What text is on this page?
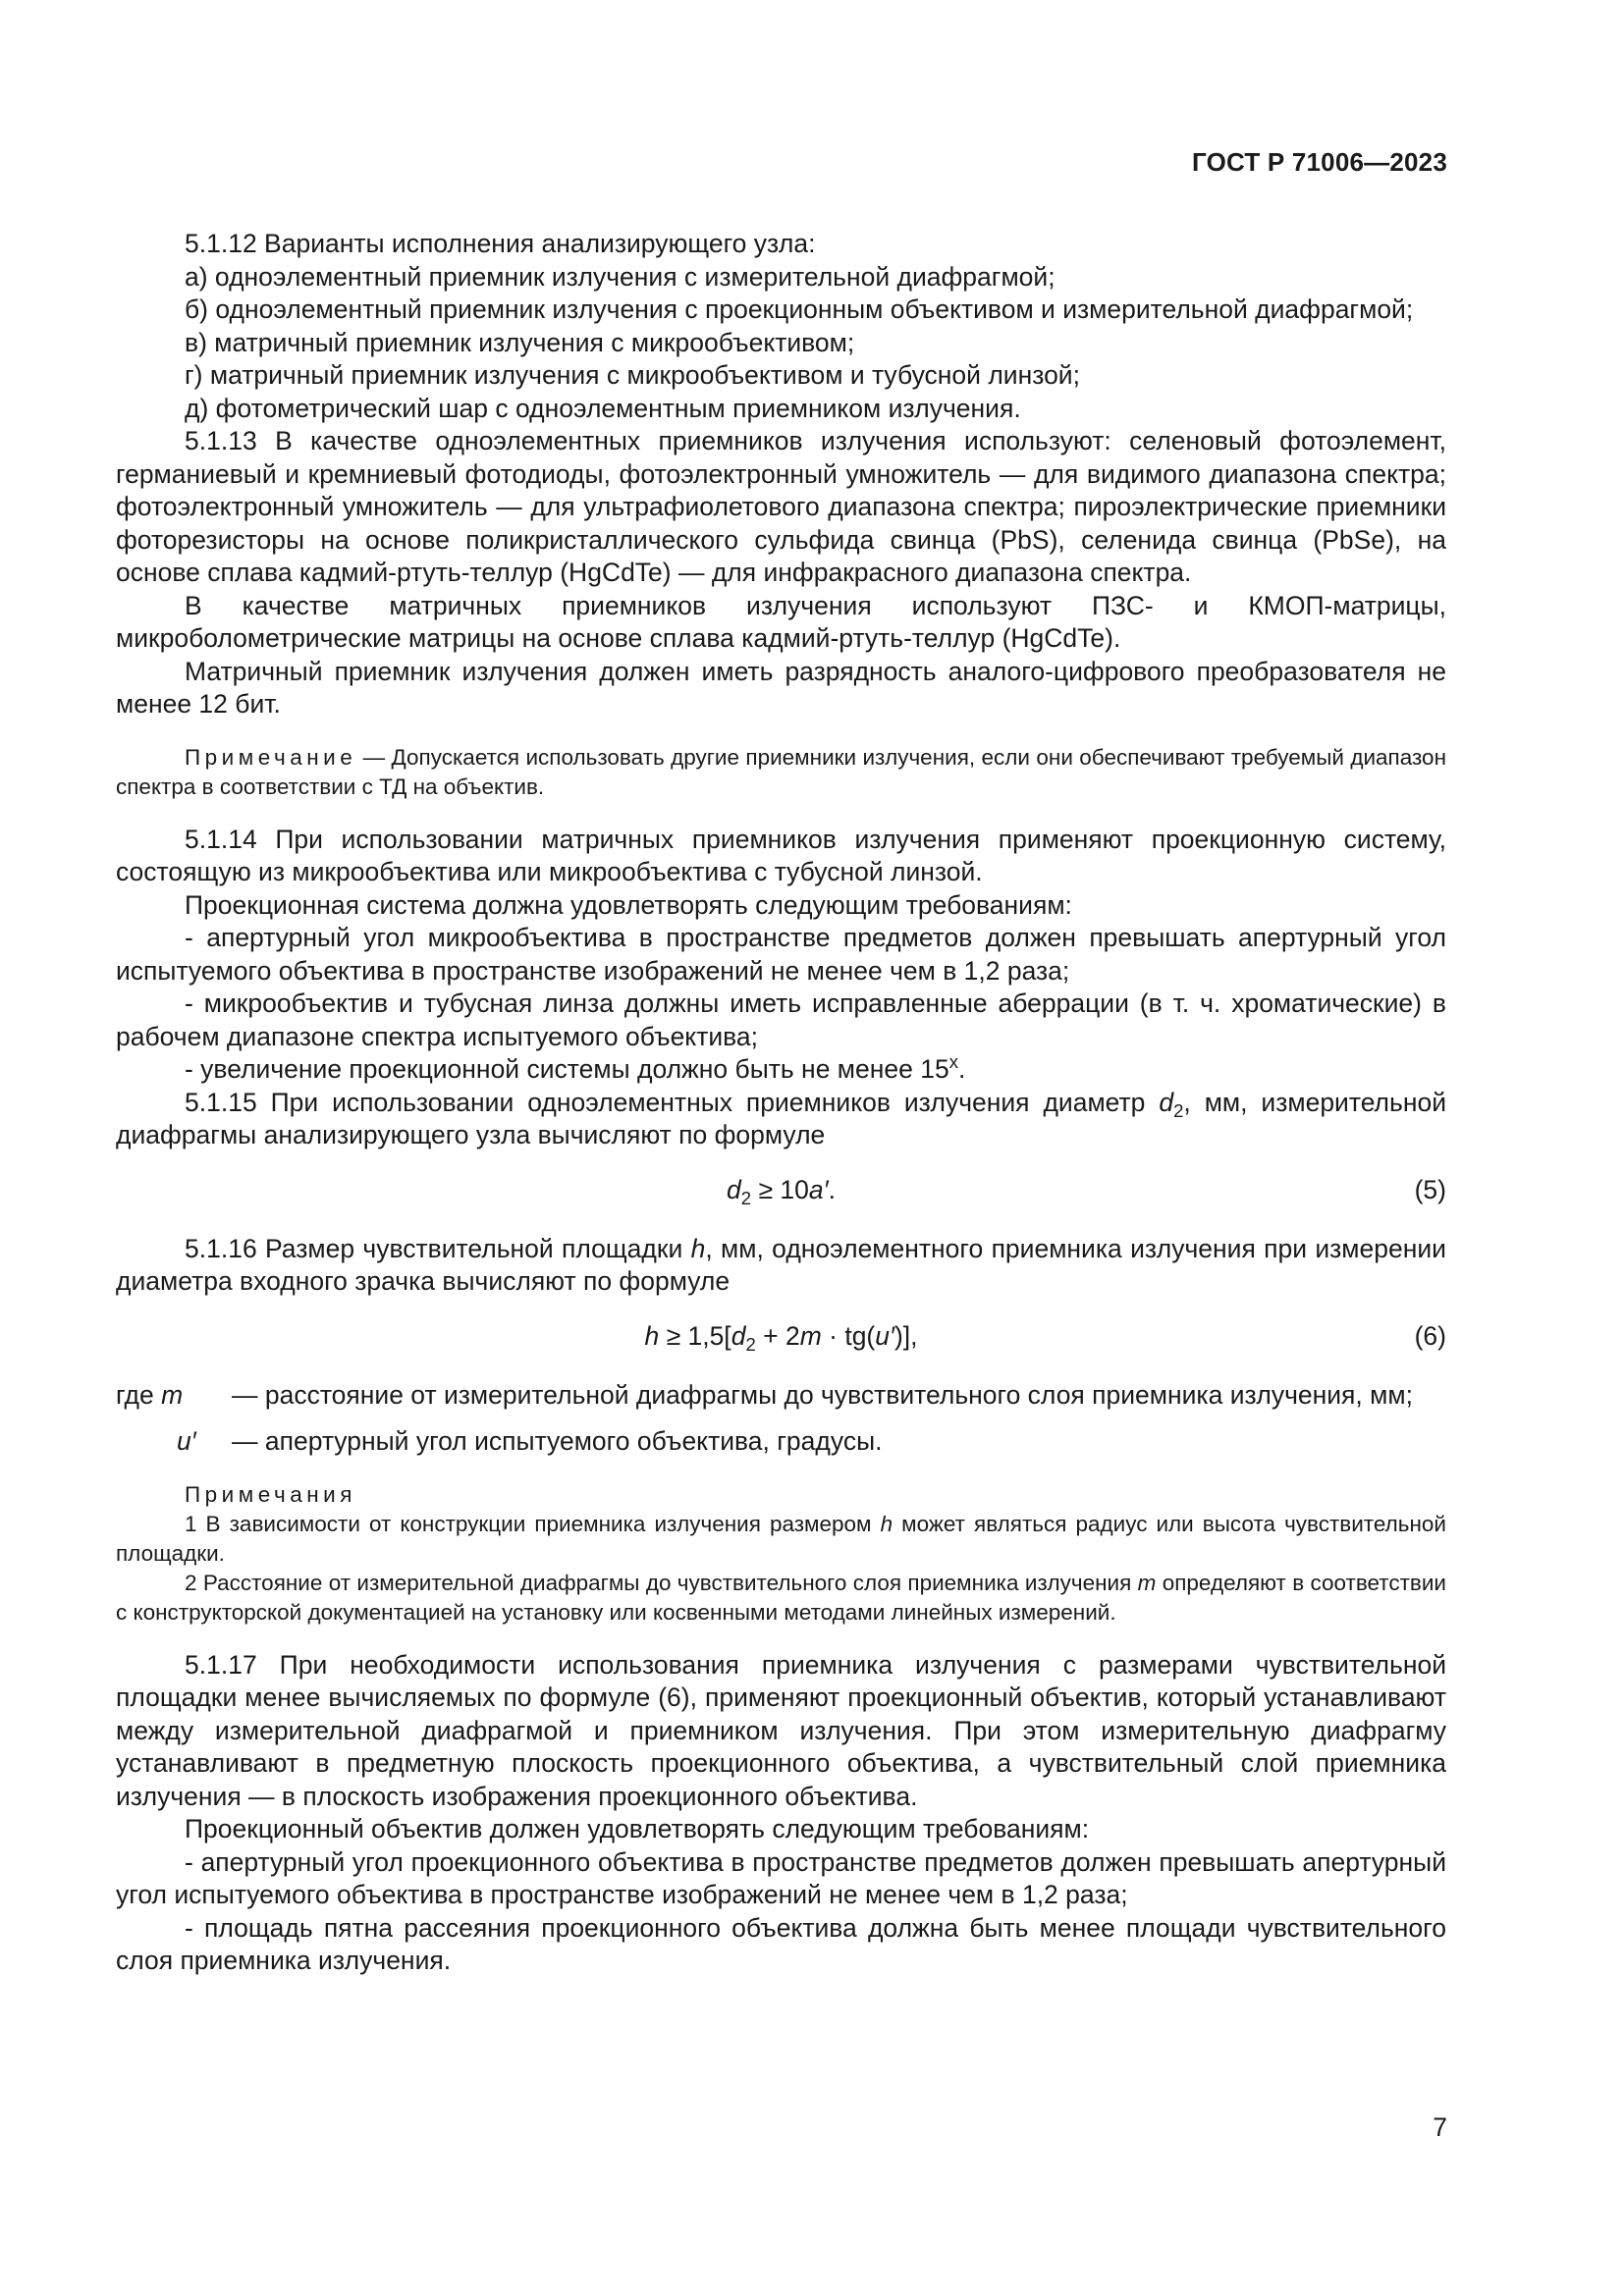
ГОСТ Р 71006—2023

5.1.12 Варианты исполнения анализирующего узла:

а) одноэлементный приемник излучения с измерительной диафрагмой;

б) одноэлементный приемник излучения с проекционным объективом и измерительной диафрагмой;

в) матричный приемник излучения с микрообъективом;

г) матричный приемник излучения с микрообъективом и тубусной линзой;

д) фотометрический шар с одноэлементным приемником излучения.

5.1.13 В качестве одноэлементных приемников излучения используют: селеновый фотоэлемент, германиевый и кремниевый фотодиоды, фотоэлектронный умножитель — для видимого диапазона спектра; фотоэлектронный умножитель — для ультрафиолетового диапазона спектра; пироэлектрические приемники фоторезисторы на основе поликристаллического сульфида свинца (PbS), селенида свинца (PbSe), на основе сплава кадмий-ртуть-теллур (HgCdTe) — для инфракрасного диапазона спектра.

В качестве матричных приемников излучения используют ПЗС- и КМОП-матрицы, микроболометрические матрицы на основе сплава кадмий-ртуть-теллур (HgCdTe).

Матричный приемник излучения должен иметь разрядность аналого-цифрового преобразователя не менее 12 бит.

Примечание — Допускается использовать другие приемники излучения, если они обеспечивают требуемый диапазон спектра в соответствии с ТД на объектив.

5.1.14 При использовании матричных приемников излучения применяют проекционную систему, состоящую из микрообъектива или микрообъектива с тубусной линзой.

Проекционная система должна удовлетворять следующим требованиям:

- апертурный угол микрообъектива в пространстве предметов должен превышать апертурный угол испытуемого объектива в пространстве изображений не менее чем в 1,2 раза;

- микрообъектив и тубусная линза должны иметь исправленные аберрации (в т. ч. хроматические) в рабочем диапазоне спектра испытуемого объектива;

- увеличение проекционной системы должно быть не менее 15$^x$.

5.1.15 При использовании одноэлементных приемников излучения диаметр $d_2$, мм, измерительной диафрагмы анализирующего узла вычисляют по формуле

$d_2 \ge 10a'$.	(5)

5.1.16 Размер чувствительной площадки h, мм, одноэлементного приемника излучения при измерении диаметра входного зрачка вычисляют по формуле

$h \ge 1,5[d_2 + 2m \cdot tg(u')]$,	(6)

где m — расстояние от измерительной диафрагмы до чувствительного слоя приемника излучения, мм;

u′ — апертурный угол испытуемого объектива, градусы.

Примечания

1 В зависимости от конструкции приемника излучения размером h может являться радиус или высота чувствительной площадки.

2 Расстояние от измерительной диафрагмы до чувствительного слоя приемника излучения m определяют в соответствии с конструкторской документацией на установку или косвенными методами линейных измерений.

5.1.17 При необходимости использования приемника излучения с размерами чувствительной площадки менее вычисляемых по формуле (6), применяют проекционный объектив, который устанавливают между измерительной диафрагмой и приемником излучения. При этом измерительную диафрагму устанавливают в предметную плоскость проекционного объектива, а чувствительный слой приемника излучения — в плоскость изображения проекционного объектива.

Проекционный объектив должен удовлетворять следующим требованиям:

- апертурный угол проекционного объектива в пространстве предметов должен превышать апертурный угол испытуемого объектива в пространстве изображений не менее чем в 1,2 раза;

- площадь пятна рассеяния проекционного объектива должна быть менее площади чувствительного слоя приемника излучения.

7
